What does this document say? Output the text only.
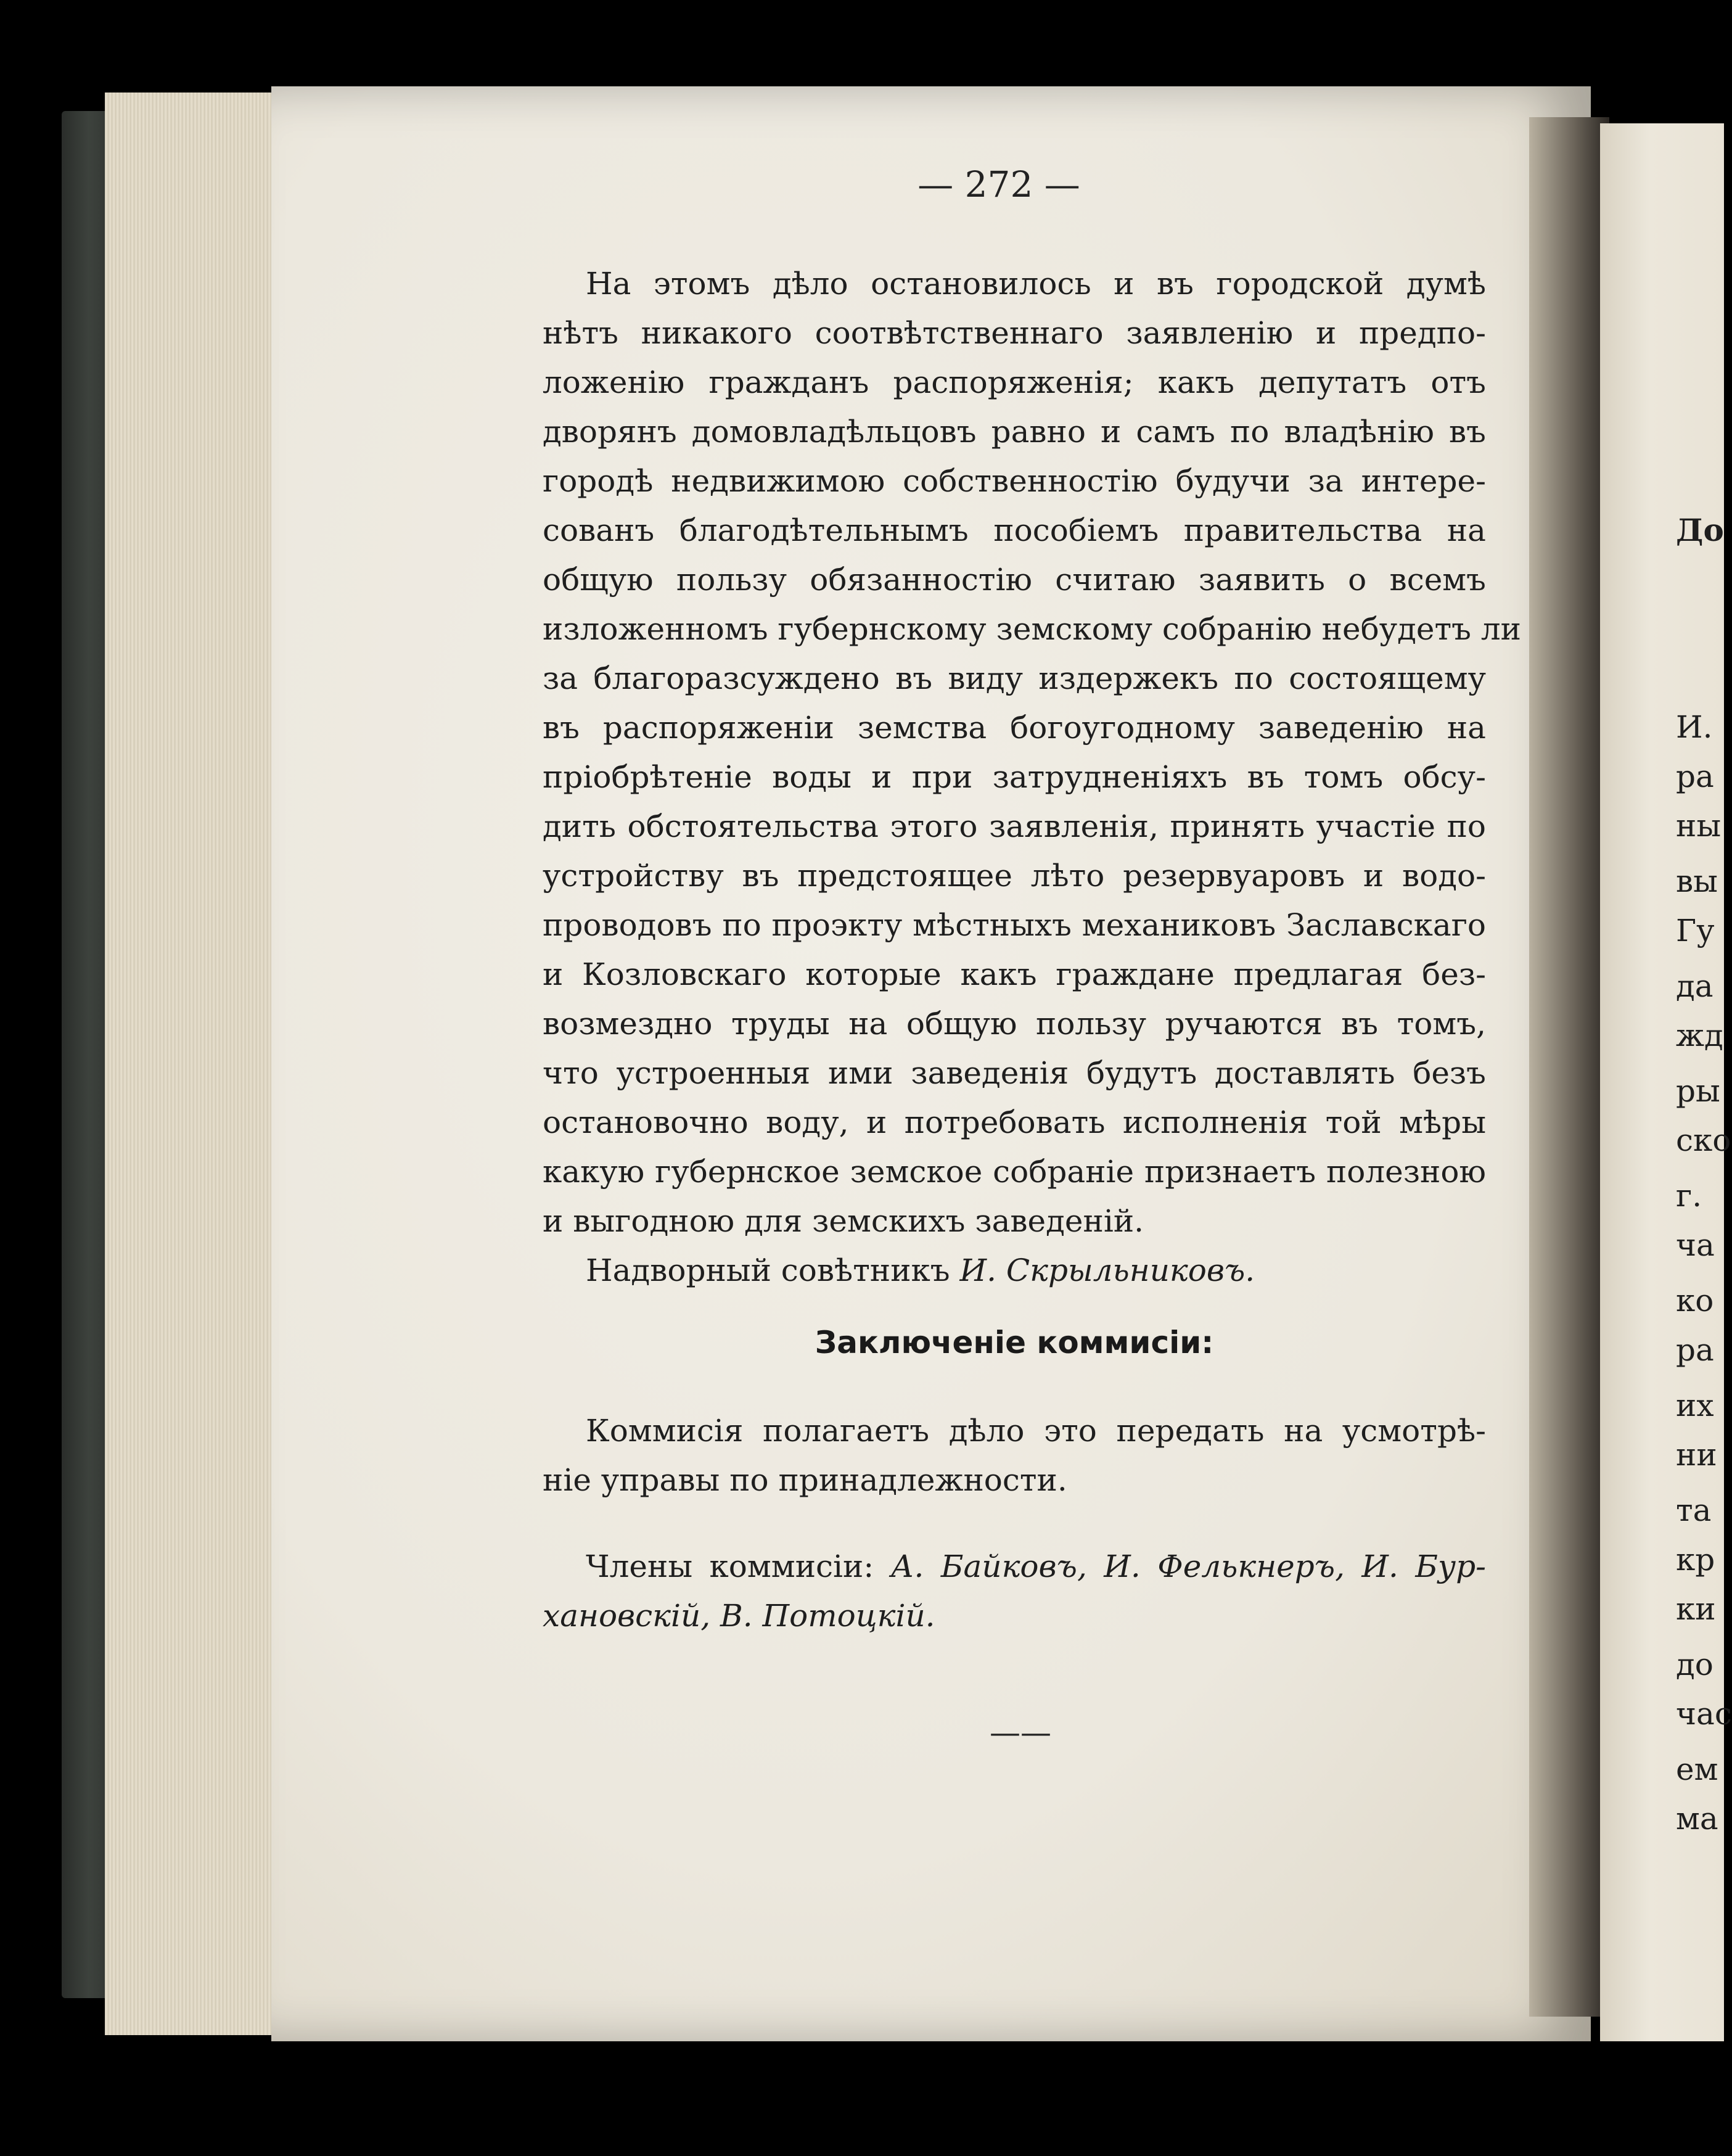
— 272 —
На этомъ дѣло остановилось и въ городской думѣ
нѣтъ никакого соотвѣтственнаго заявленію и предпо-
ложенію гражданъ распоряженія; какъ депутатъ отъ
дворянъ домовладѣльцовъ равно и самъ по владѣнію въ
городѣ недвижимою собственностію будучи за интере-
сованъ благодѣтельнымъ пособіемъ правительства на
общую пользу обязанностію считаю заявить о всемъ
изложенномъ губернскому земскому собранію небудетъ ли
за благоразсуждено въ виду издержекъ по состоящему
въ распоряженіи земства богоугодному заведенію на
пріобрѣтеніе воды и при затрудненіяхъ въ томъ обсу-
дить обстоятельства этого заявленія, принять участіе по
устройству въ предстоящее лѣто резервуаровъ и водо-
проводовъ по проэкту мѣстныхъ механиковъ Заславскаго
и Козловскаго которые какъ граждане предлагая без-
возмездно труды на общую пользу ручаются въ томъ,
что устроенныя ими заведенія будутъ доставлять безъ
остановочно воду, и потребовать исполненія той мѣры
какую губернское земское собраніе признаетъ полезною
и выгодною для земскихъ заведеній.
Надворный совѣтникъ И. Скрыльниковъ.
Заключеніе коммисіи:
Коммисія полагаетъ дѣло это передать на усмотрѣ-
ніе управы по принадлежности.
Члены коммисіи: А. Байковъ, И. Фелькнеръ, И. Бур-
хановскій, В. Потоцкій.
——
До
И.
ра
ны
вы
Гу
да
жд
ры
ско
г.
ча
ко
ра
их
ни
та
кр
ки
до
час
ем
ма
